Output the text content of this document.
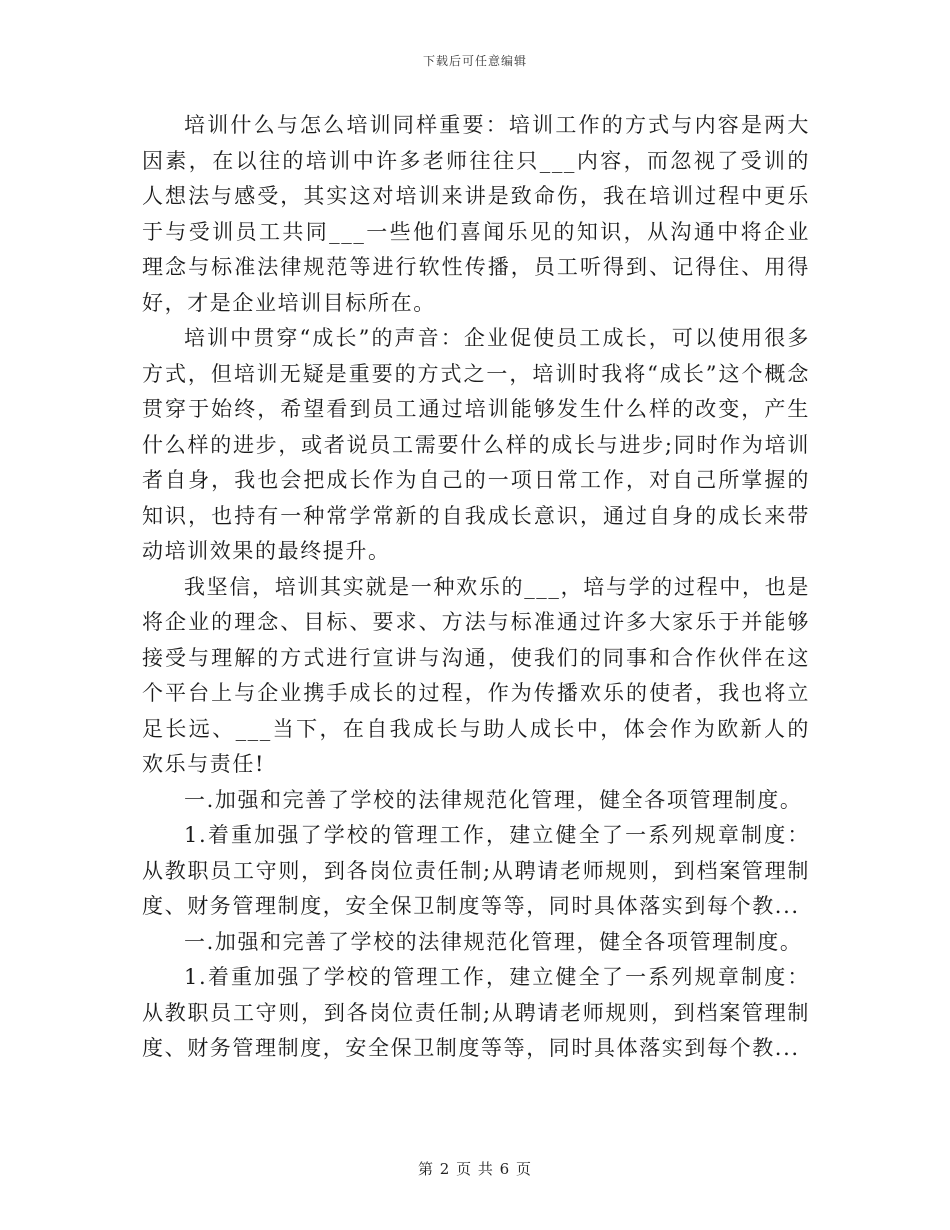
下载后可任意编辑

培训什么与怎么培训同样重要：培训工作的方式与内容是两大因素，在以往的培训中许多老师往往只___内容，而忽视了受训的人想法与感受，其实这对培训来讲是致命伤，我在培训过程中更乐于与受训员工共同___一些他们喜闻乐见的知识，从沟通中将企业理念与标准法律规范等进行软性传播，员工听得到、记得住、用得好，才是企业培训目标所在。

培训中贯穿“成长”的声音：企业促使员工成长，可以使用很多方式，但培训无疑是重要的方式之一，培训时我将“成长”这个概念贯穿于始终，希望看到员工通过培训能够发生什么样的改变，产生什么样的进步，或者说员工需要什么样的成长与进步;同时作为培训者自身，我也会把成长作为自己的一项日常工作，对自己所掌握的知识，也持有一种常学常新的自我成长意识，通过自身的成长来带动培训效果的最终提升。

我坚信，培训其实就是一种欢乐的___，培与学的过程中，也是将企业的理念、目标、要求、方法与标准通过许多大家乐于并能够接受与理解的方式进行宣讲与沟通，使我们的同事和合作伙伴在这个平台上与企业携手成长的过程，作为传播欢乐的使者，我也将立足长远、___当下，在自我成长与助人成长中，体会作为欧新人的欢乐与责任!

一.加强和完善了学校的法律规范化管理，健全各项管理制度。

1.着重加强了学校的管理工作，建立健全了一系列规章制度：从教职员工守则，到各岗位责任制;从聘请老师规则，到档案管理制度、财务管理制度，安全保卫制度等等，同时具体落实到每个教...

一.加强和完善了学校的法律规范化管理，健全各项管理制度。

1.着重加强了学校的管理工作，建立健全了一系列规章制度：从教职员工守则，到各岗位责任制;从聘请老师规则，到档案管理制度、财务管理制度，安全保卫制度等等，同时具体落实到每个教...

第 2 页 共 6 页
